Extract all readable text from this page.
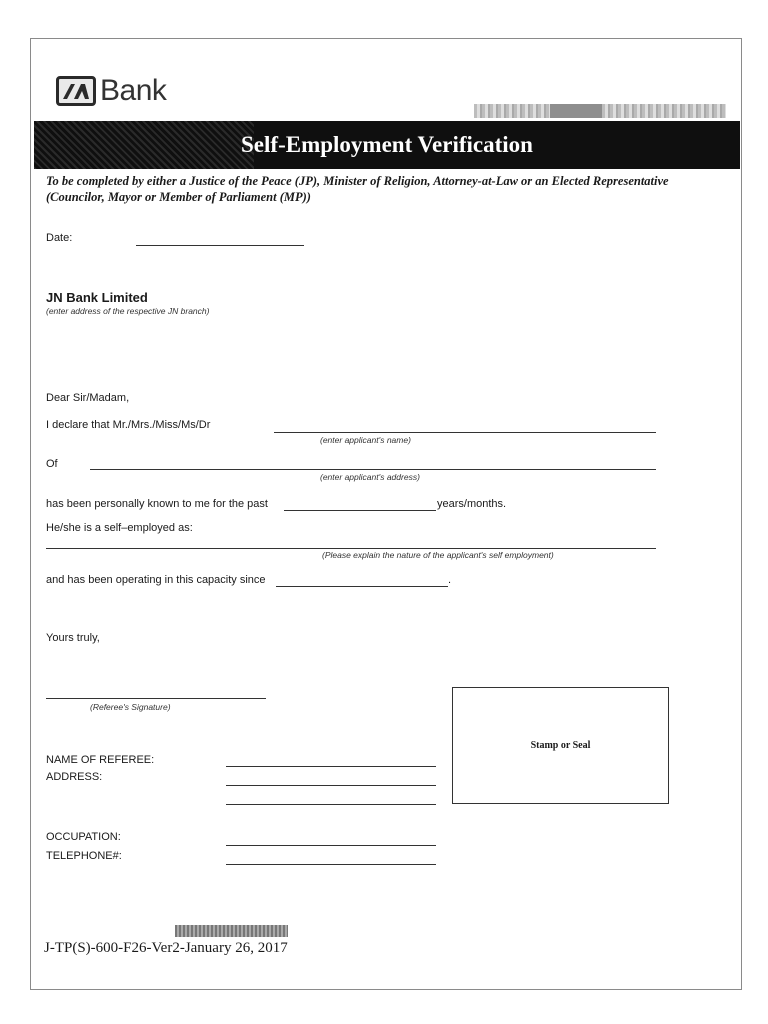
Bank
Self-Employment Verification
To be completed by either a Justice of the Peace (JP), Minister of Religion, Attorney-at-Law or an Elected Representative (Councilor, Mayor or Member of Parliament (MP))
Date:
JN Bank Limited
(enter address of the respective JN branch)
Dear Sir/Madam,
I declare that Mr./Mrs./Miss/Ms/Dr
(enter applicant's name)
Of
(enter applicant's address)
has been personally known to me for the past	years/months.
He/she is a self–employed as:
(Please explain the nature of the applicant's self employment)
and has been operating in this capacity since	.
Yours truly,
(Referee's Signature)
Stamp or Seal
NAME OF REFEREE:
ADDRESS:
OCCUPATION:
TELEPHONE#:
J-TP(S)-600-F26-Ver2-January 26, 2017
